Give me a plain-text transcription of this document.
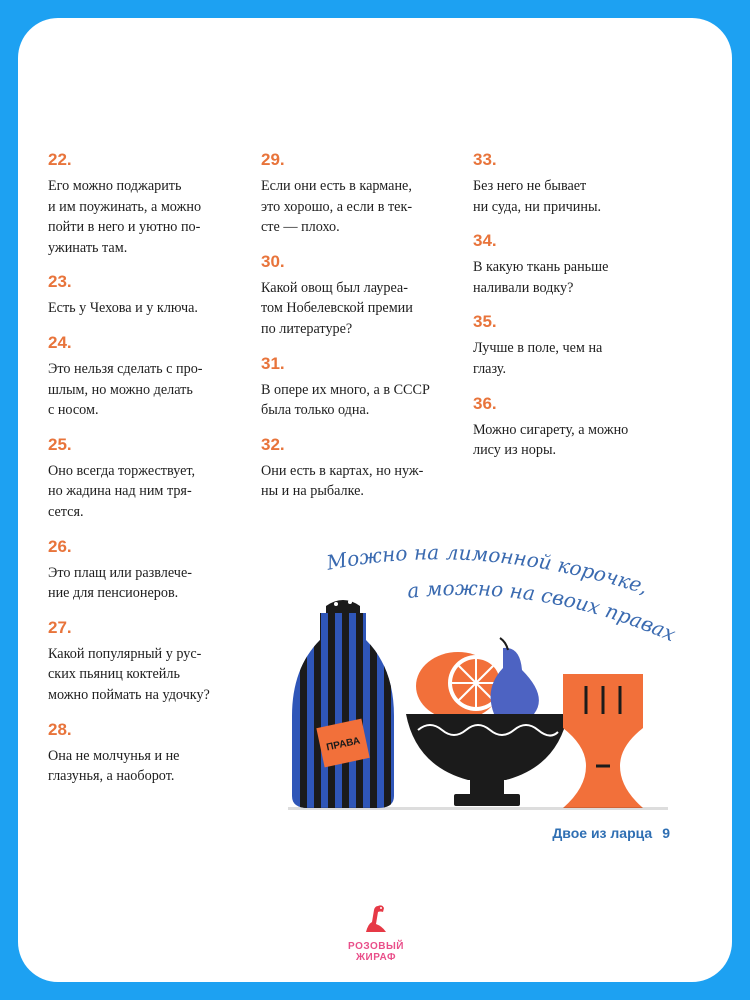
22.
Его можно поджарить
и им поужинать, а можно
пойти в него и уютно по-
ужинать там.
23.
Есть у Чехова и у ключа.
24.
Это нельзя сделать с про-
шлым, но можно делать
с носом.
25.
Оно всегда торжествует,
но жадина над ним тря-
сется.
26.
Это плащ или развлече-
ние для пенсионеров.
27.
Какой популярный у рус-
ских пьяниц коктейль
можно поймать на удочку?
28.
Она не молчунья и не
глазунья, а наоборот.
29.
Если они есть в кармане,
это хорошо, а если в тек-
сте — плохо.
30.
Какой овощ был лауреа-
том Нобелевской премии
по литературе?
31.
В опере их много, а в СССР
была только одна.
32.
Они есть в картах, но нуж-
ны и на рыбалке.
33.
Без него не бывает
ни суда, ни причины.
34.
В какую ткань раньше
наливали водку?
35.
Лучше в поле, чем на
глазу.
36.
Можно сигарету, а можно
лису из норы.
Можно на лимонной корочке,
а можно на своих правах
ПРАВА
Двое из ларца 9
РОЗОВЫЙ
ЖИРАФ
